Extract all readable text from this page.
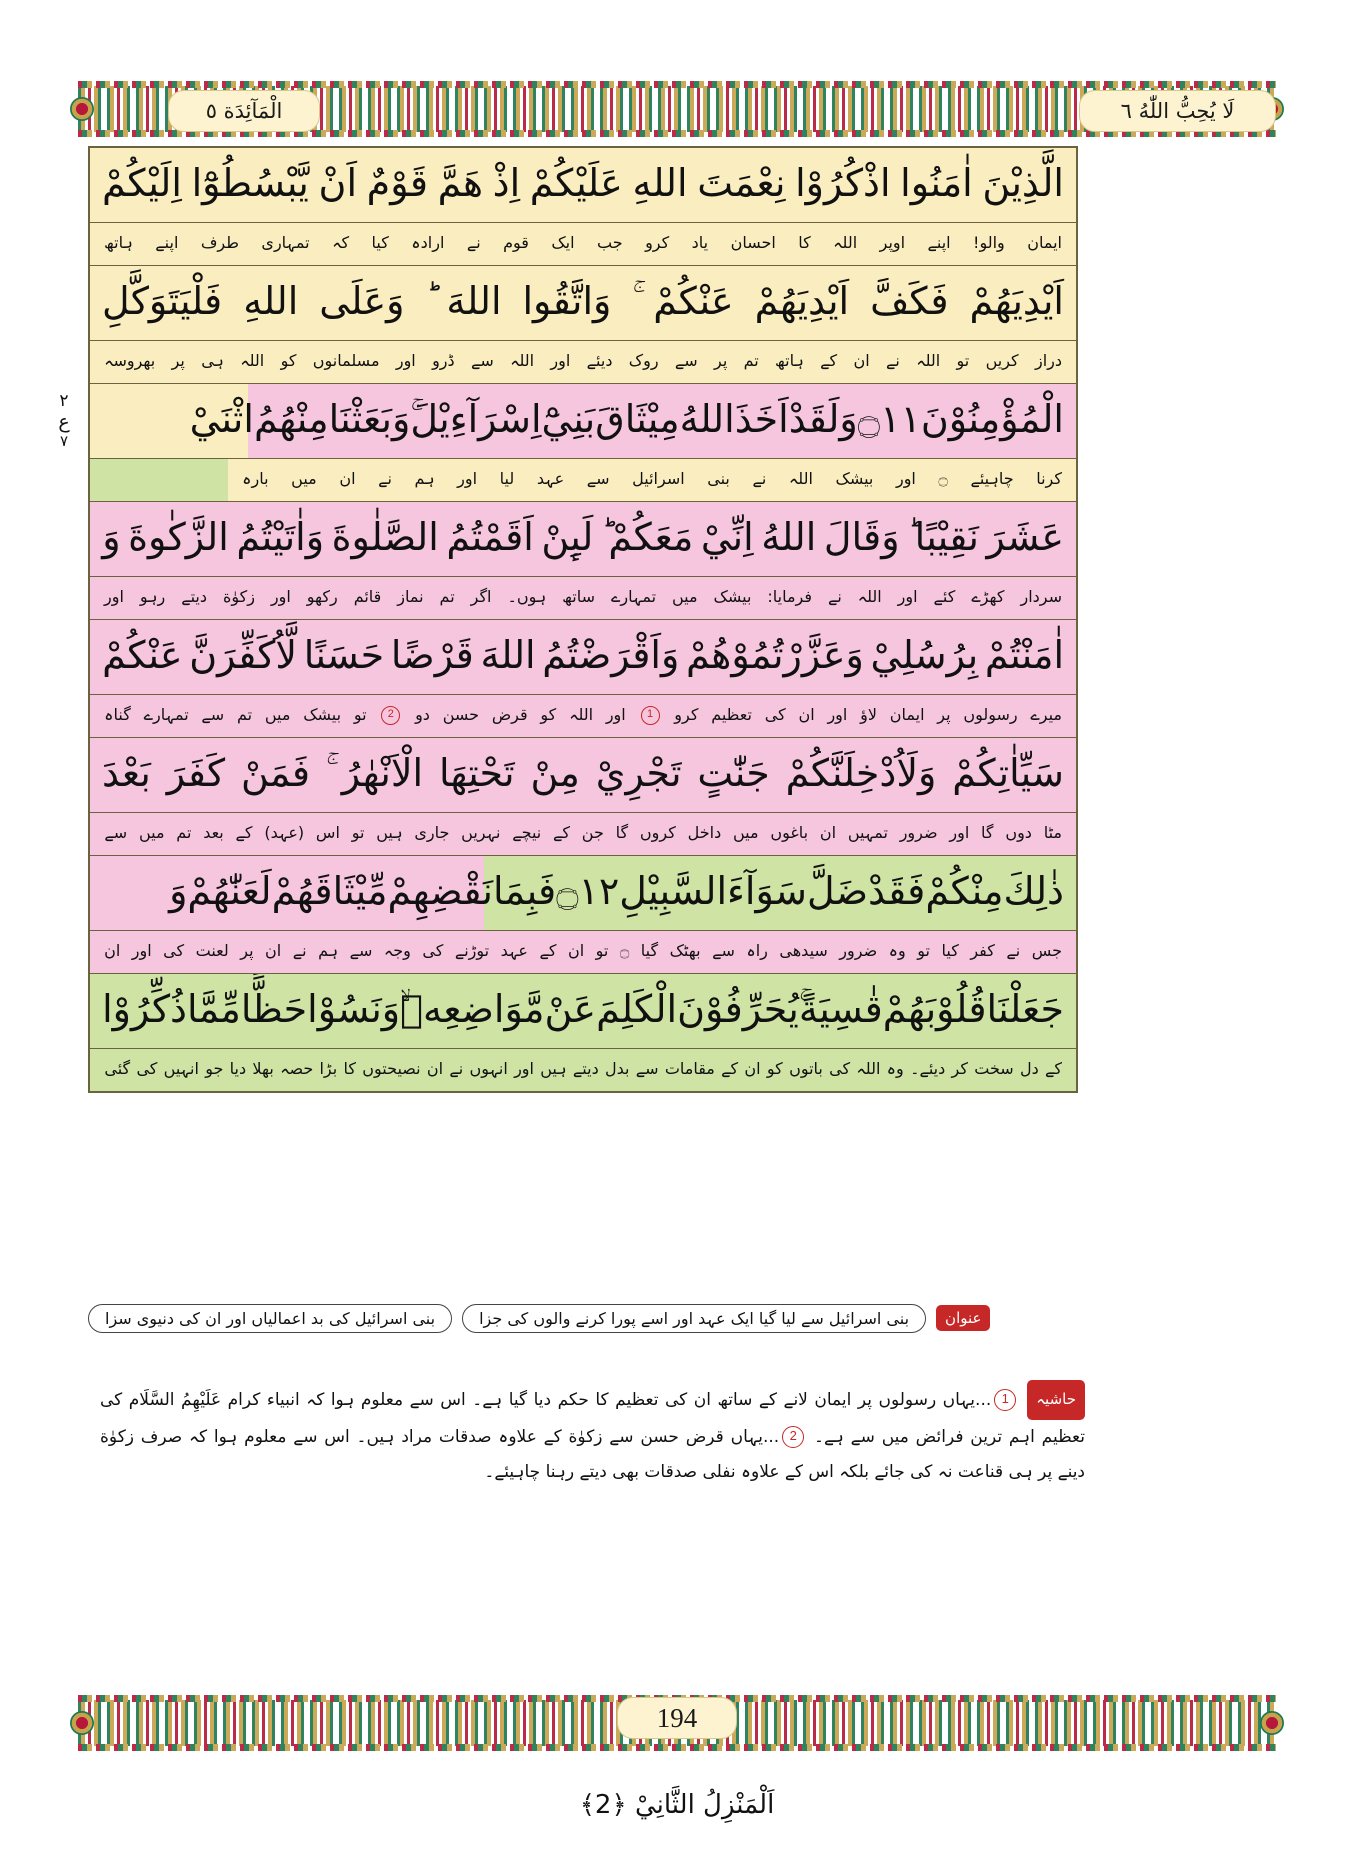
الْمَآئِدَة ٥	لَا يُحِبُّ اللّٰهُ ٦
٢
ع
٧
الَّذِيْنَ
اٰمَنُوا
اذْكُرُوْا
نِعْمَتَ
اللهِ
عَلَيْكُمْ
اِذْ
هَمَّ
قَوْمٌ
اَنْ
يَّبْسُطُوْٓا
اِلَيْكُمْ
ایمان
والو!
اپنے
اوپر
اللہ
کا
احسان
یاد
کرو
جب
ایک
قوم
نے
ارادہ
کیا
کہ
تمہاری
طرف
اپنے
ہاتھ
اَيْدِيَهُمْ
فَكَفَّ
اَيْدِيَهُمْ
عَنْكُمْ
وَاتَّقُوا
اللهَ
وَعَلَى
اللهِ
فَلْيَتَوَكَّلِ
دراز
کریں
تو
اللہ
نے
ان
کے
ہاتھ
تم
پر
سے
روک
دیئے
اور
اللہ
سے
ڈرو
اور
مسلمانوں
کو
اللہ
ہی
پر
بھروسہ
الْمُؤْمِنُوْنَ
۝١١
وَلَقَدْ
اَخَذَ
اللهُ
مِيْثَاقَ
بَنِيْٓ
اِسْرَآءِيْلَ
وَبَعَثْنَا
مِنْهُمُ
اثْنَيْ
کرنا
چاہیئے
۝
اور
بیشک
اللہ
نے
بنی
اسرائیل
سے
عہد
لیا
اور
ہم
نے
ان
میں
بارہ
عَشَرَ
نَقِيْبًا
وَقَالَ
اللهُ
اِنِّيْ
مَعَكُمْ
لَىِٕنْ
اَقَمْتُمُ
الصَّلٰوةَ
وَاٰتَيْتُمُ
الزَّكٰوةَ
وَ
سردار
کھڑے
کئے
اور
اللہ
نے
فرمایا:
بیشک
میں
تمہارے
ساتھ
ہوں۔
اگر
تم
نماز
قائم
رکھو
اور
زکوٰة
دیتے
رہو
اور
اٰمَنْتُمْ
بِرُسُلِيْ
وَعَزَّرْتُمُوْهُمْ
وَاَقْرَضْتُمُ
اللهَ
قَرْضًا
حَسَنًا
لَّاُكَفِّرَنَّ
عَنْكُمْ
میرے
رسولوں
پر
ایمان
لاؤ
اور
ان
کی
تعظیم
کرو
1
اور
اللہ
کو
قرض
حسن
دو
2
تو
بیشک
میں
تم
سے
تمہارے
گناہ
سَيِّاٰتِكُمْ
وَلَاُدْخِلَنَّكُمْ
جَنّٰتٍ
تَجْرِيْ
مِنْ
تَحْتِهَا
الْاَنْهٰرُ
فَمَنْ
كَفَرَ
بَعْدَ
مٹا
دوں
گا
اور
ضرور
تمہیں
ان
باغوں
میں
داخل
کروں
گا
جن
کے
نیچے
نہریں
جاری
ہیں
تو
اس
(عہد)
کے
بعد
تم
میں
سے
ذٰلِكَ
مِنْكُمْ
فَقَدْ
ضَلَّ
سَوَآءَ
السَّبِيْلِ
۝١٢
فَبِمَا
نَقْضِهِمْ
مِّيْثَاقَهُمْ
لَعَنّٰهُمْ
وَ
جس
نے
کفر
کیا
تو
وہ
ضرور
سیدھی
راہ
سے
بھٹک
گیا
۝
تو
ان
کے
عہد
توڑنے
کی
وجہ
سے
ہم
نے
ان
پر
لعنت
کی
اور
ان
جَعَلْنَا
قُلُوْبَهُمْ
قٰسِيَةً
يُحَرِّفُوْنَ
الْكَلِمَ
عَنْ
مَّوَاضِعِهٖ
وَنَسُوْا
حَظًّا
مِّمَّا
ذُكِّرُوْا
کے
دل
سخت
کر
دیئے۔
وہ
اللہ
کی
باتوں
کو
ان
کے
مقامات
سے
بدل
دیتے
ہیں
اور
انہوں
نے
ان
نصیحتوں
کا
بڑا
حصہ
بھلا
دیا
جو
انہیں
کی
گئی
عنوان
بنی اسرائیل سے لیا گیا ایک عہد اور اسے پورا کرنے والوں کی جزا
بنی اسرائیل کی بد اعمالیاں اور ان کی دنیوی سزا
حاشیہ1...یہاں رسولوں پر ایمان لانے کے ساتھ ان کی تعظیم کا حکم دیا گیا ہے۔ اس سے معلوم ہوا کہ انبیاء کرام عَلَیْهِمُ السَّلَام کی تعظیم اہم ترین فرائض میں سے ہے۔ 2...یہاں قرض حسن سے زکوٰة کے علاوہ صدقات مراد ہیں۔ اس سے معلوم ہوا کہ صرف زکوٰة دینے پر ہی قناعت نہ کی جائے بلکہ اس کے علاوہ نفلی صدقات بھی دیتے رہنا چاہیئے۔
194
اَلْمَنْزِلُ الثَّانِيْ ﴿2﴾
